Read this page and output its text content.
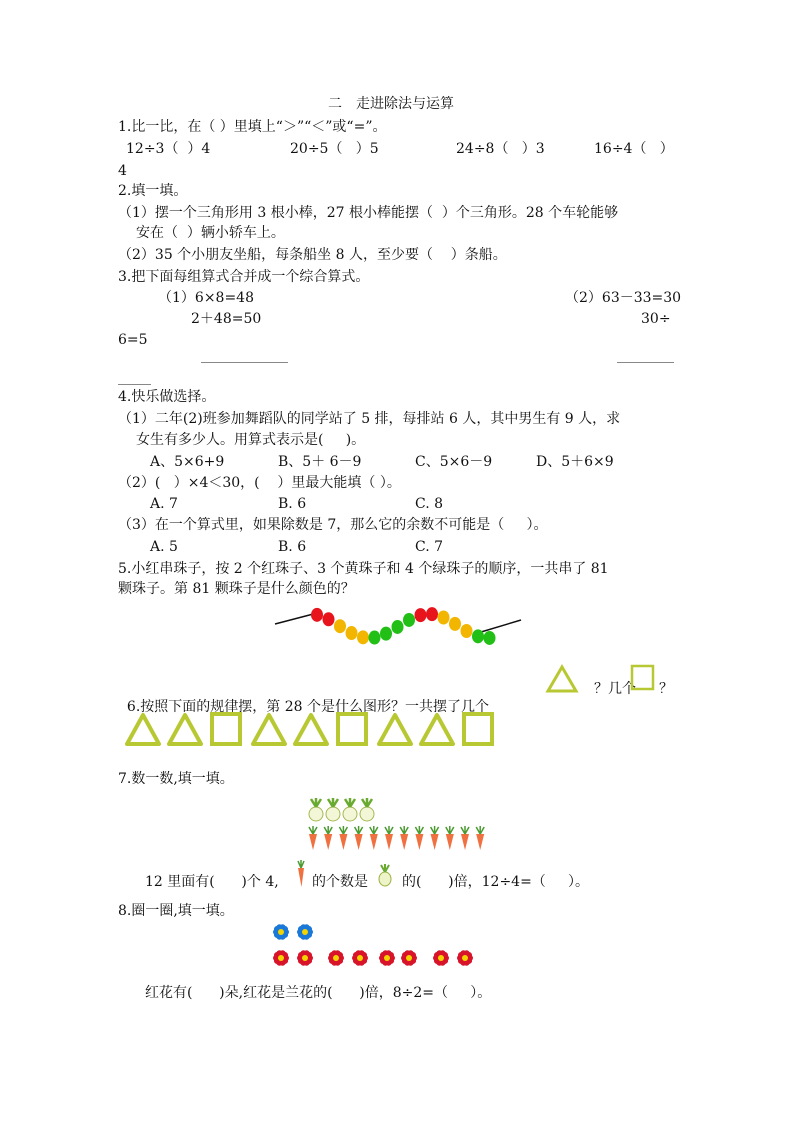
二　走进除法与运算
1.比一比，在（ ）里填上“＞”“＜”或“=”。
12÷3（  ）4	20÷5（   ）5	24÷8（   ）3	16÷4（   ）
4
2.填一填。
（1）摆一个三角形用 3 根小棒，27 根小棒能摆（  ）个三角形。28 个车轮能够
安在（  ）辆小轿车上。
（2）35 个小朋友坐船，每条船坐 8 人，至少要（    ）条船。
3.把下面每组算式合并成一个综合算式。
（1）6×8=48	（2）63－33=30
2＋48=50	30÷
6=5
4.快乐做选择。
（1）二年(2)班参加舞蹈队的同学站了 5 排，每排站 6 人，其中男生有 9 人，求
女生有多少人。用算式表示是(     )。
A、5×6+9	B、5＋ 6－9	C、5×6－9	D、5＋6×9
（2）(   ）×4＜30，(    ）里最大能填（ ）。
A. 7	B. 6	C. 8
（3）在一个算式里，如果除数是 7，那么它的余数不可能是（     ）。
A. 5	B. 6	C. 7
5.小红串珠子，按 2 个红珠子、3 个黄珠子和 4 个绿珠子的顺序，一共串了 81
颗珠子。第 81 颗珠子是什么颜色的？

6.按照下面的规律摆，第 28 个是什么图形？一共摆了几个

？几个 ？
7.数一数,填一填。
12 里面有(      )个 4, 的个数是 的(      )倍，12÷4=（     ）。
8.圈一圈,填一填。
红花有(      )朵,红花是兰花的(      )倍，8÷2=（     ）。
